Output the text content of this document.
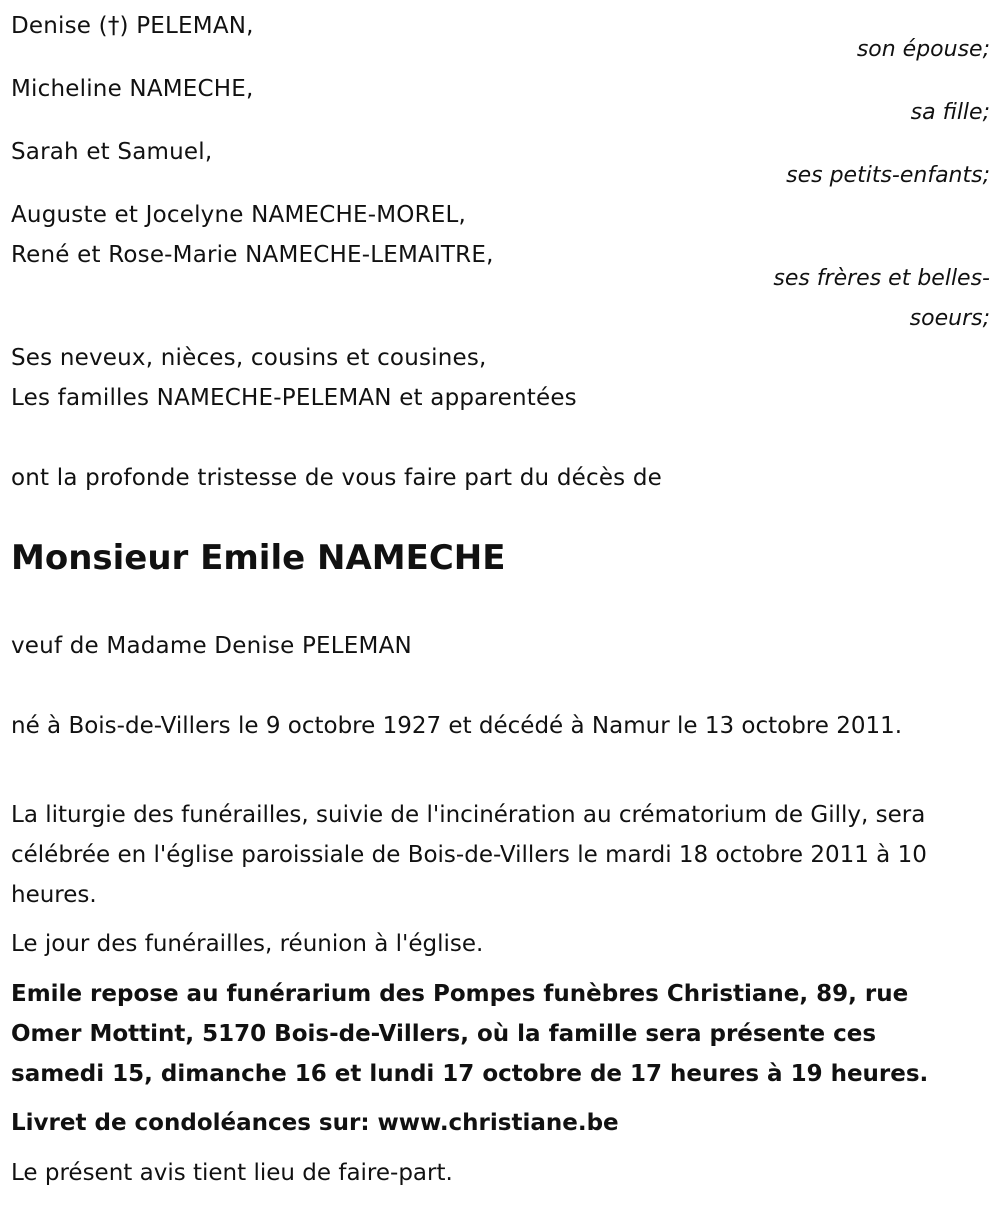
Denise (†) PELEMAN,
son épouse;
Micheline NAMECHE,
sa fille;
Sarah et Samuel,
ses petits-enfants;
Auguste et Jocelyne NAMECHE-MOREL,
René et Rose-Marie NAMECHE-LEMAITRE,
ses frères et belles-
soeurs;
Ses neveux, nièces, cousins et cousines,
Les familles NAMECHE-PELEMAN et apparentées
ont la profonde tristesse de vous faire part du décès de
Monsieur Emile NAMECHE
veuf de Madame Denise PELEMAN
né à Bois-de-Villers le 9 octobre 1927 et décédé à Namur le 13 octobre 2011.
La liturgie des funérailles, suivie de l'incinération au crématorium de Gilly, sera célébrée en l'église paroissiale de Bois-de-Villers le mardi 18 octobre 2011 à 10 heures.
Le jour des funérailles, réunion à l'église.
Emile repose au funérarium des Pompes funèbres Christiane, 89, rue Omer Mottint, 5170 Bois-de-Villers, où la famille sera présente ces samedi 15, dimanche 16 et lundi 17 octobre de 17 heures à 19 heures.
Livret de condoléances sur: www.christiane.be
Le présent avis tient lieu de faire-part.
